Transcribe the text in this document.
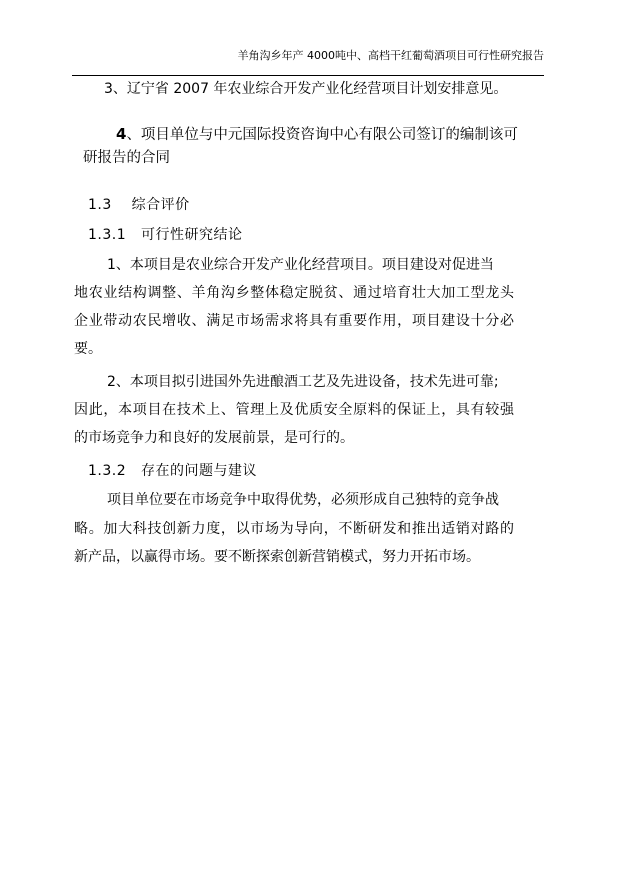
羊角沟乡年产 4000吨中、高档干红葡萄酒项目可行性研究报告
3、辽宁省 2007 年农业综合开发产业化经营项目计划安排意见。
4、项目单位与中元国际投资咨询中心有限公司签订的编制该可
研报告的合同
1.3 综合评价
1.3.1 可行性研究结论
1、本项目是农业综合开发产业化经营项目。项目建设对促进当
地农业结构调整、羊角沟乡整体稳定脱贫、通过培育壮大加工型龙头
企业带动农民增收、满足市场需求将具有重要作用，项目建设十分必
要。
2、本项目拟引进国外先进酿酒工艺及先进设备，技术先进可靠;
因此，本项目在技术上、管理上及优质安全原料的保证上，具有较强
的市场竞争力和良好的发展前景，是可行的。
1.3.2 存在的问题与建议
项目单位要在市场竞争中取得优势，必须形成自己独特的竞争战
略。加大科技创新力度，以市场为导向，不断研发和推出适销对路的
新产品，以赢得市场。要不断探索创新营销模式，努力开拓市场。
